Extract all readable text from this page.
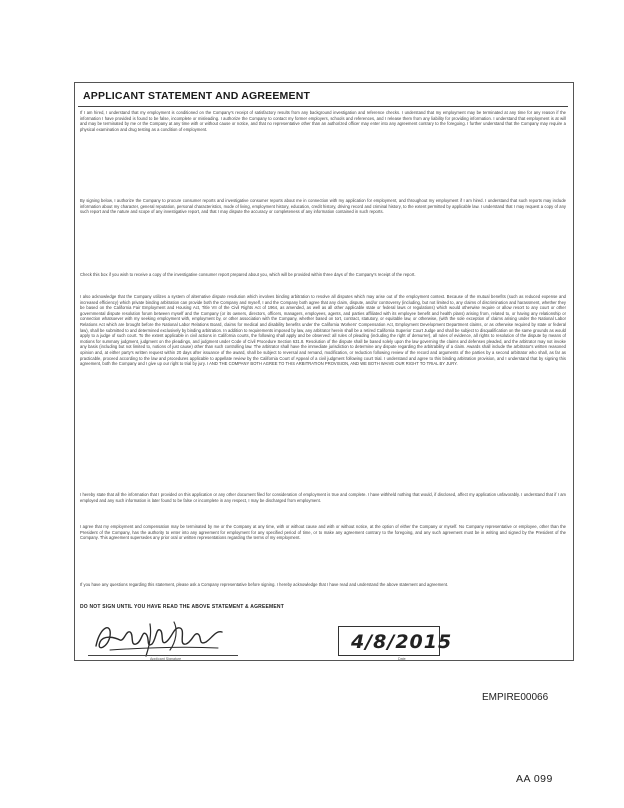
APPLICANT STATEMENT AND AGREEMENT
If I am hired, I understand that my employment is conditioned on the Company's receipt of satisfactory results from any background investigation and reference checks. I understand that my employment may be terminated at any time for any reason if the information I have provided is found to be false, incomplete or misleading. I authorize the Company to contact my former employers, schools and references, and I release them from any liability for providing information. I understand that employment is at will and may be terminated by me or the Company at any time with or without cause or notice, and that no representative other than an authorized officer may enter into any agreement contrary to the foregoing. I further understand that the Company may require a physical examination and drug testing as a condition of employment.
By signing below, I authorize the Company to procure consumer reports and investigative consumer reports about me in connection with my application for employment, and throughout my employment if I am hired. I understand that such reports may include information about my character, general reputation, personal characteristics, mode of living, employment history, education, credit history, driving record and criminal history, to the extent permitted by applicable law. I understand that I may request a copy of any such report and the nature and scope of any investigative report, and that I may dispute the accuracy or completeness of any information contained in such reports.
Check this box if you wish to receive a copy of the investigative consumer report prepared about you, which will be provided within three days of the Company's receipt of the report.
I also acknowledge that the Company utilizes a system of alternative dispute resolution which involves binding arbitration to resolve all disputes which may arise out of the employment context. Because of the mutual benefits (such as reduced expense and increased efficiency) which private binding arbitration can provide both the Company and myself, I and the Company both agree that any claim, dispute, and/or controversy (including, but not limited to, any claims of discrimination and harassment, whether they be based on the California Fair Employment and Housing Act, Title VII of the Civil Rights Act of 1964, as amended, as well as all other applicable state or federal laws or regulations) which would otherwise require or allow resort to any court or other governmental dispute resolution forum between myself and the Company (or its owners, directors, officers, managers, employees, agents, and parties affiliated with its employee benefit and health plans) arising from, related to, or having any relationship or connection whatsoever with my seeking employment with, employment by, or other association with the Company, whether based on tort, contract, statutory, or equitable law, or otherwise, (with the sole exception of claims arising under the National Labor Relations Act which are brought before the National Labor Relations Board, claims for medical and disability benefits under the California Workers' Compensation Act, Employment Development Department claims, or as otherwise required by state or federal law), shall be submitted to and determined exclusively by binding arbitration. In addition to requirements imposed by law, any arbitrator herein shall be a retired California Superior Court Judge and shall be subject to disqualification on the same grounds as would apply to a judge of such court. To the extent applicable in civil actions in California courts, the following shall apply and be observed: all rules of pleading (including the right of demurrer), all rules of evidence, all rights to resolution of the dispute by means of motions for summary judgment, judgment on the pleadings, and judgment under Code of Civil Procedure Section 631.8. Resolution of the dispute shall be based solely upon the law governing the claims and defenses pleaded, and the arbitrator may not invoke any basis (including but not limited to, notions of just cause) other than such controlling law. The arbitrator shall have the immediate jurisdiction to determine any dispute regarding the arbitrability of a claim. Awards shall include the arbitrator's written reasoned opinion and, at either party's written request within 20 days after issuance of the award, shall be subject to reversal and remand, modification, or reduction following review of the record and arguments of the parties by a second arbitrator who shall, as far as practicable, proceed according to the law and procedures applicable to appellate review by the California Court of Appeal of a civil judgment following court trial. I understand and agree to this binding arbitration provision, and I understand that by signing this agreement, both the Company and I give up our right to trial by jury. I AND THE COMPANY BOTH AGREE TO THIS ARBITRATION PROVISION, AND WE BOTH WAIVE OUR RIGHT TO TRIAL BY JURY.
I hereby state that all the information that I provided on this application or any other document filed for consideration of employment is true and complete. I have withheld nothing that would, if disclosed, affect my application unfavorably. I understand that if I am employed and any such information is later found to be false or incomplete in any respect, I may be discharged from employment.
I agree that my employment and compensation may be terminated by me or the Company at any time, with or without cause and with or without notice, at the option of either the Company or myself. No Company representative or employee, other than the President of the Company, has the authority to enter into any agreement for employment for any specified period of time, or to make any agreement contrary to the foregoing, and any such agreement must be in writing and signed by the President of the Company. This agreement supersedes any prior oral or written representations regarding the terms of my employment.
If you have any questions regarding this statement, please ask a Company representative before signing. I hereby acknowledge that I have read and understand the above statement and agreement.
DO NOT SIGN UNTIL YOU HAVE READ THE ABOVE STATEMENT & AGREEMENT
Applicant Signature
4/8/2015
Date
EMPIRE00066
AA 099
